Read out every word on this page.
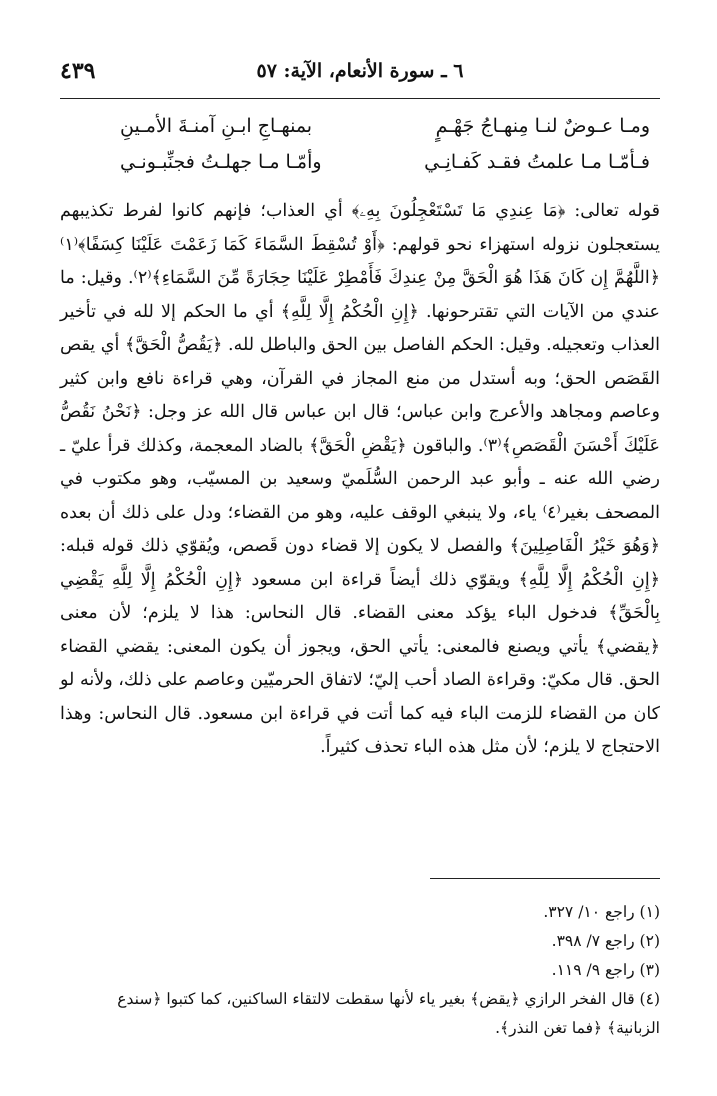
٤٣٩	٦ ـ سورة الأنعام، الآية: ٥٧
ومـا عـوضٌ لنـا مِنهـاجُ جَهْـمٍ
بمنهـاجِ ابـنِ آمنـةَ الأمـينِ
فـأمّـا مـا علمتُ فقـد كَفـانِـي
وأمّـا مـا جهلـتُ فجنِّبـونـي
قوله تعالى: ﴿مَا عِندِي مَا تَسْتَعْجِلُونَ بِهِۦ﴾ أي العذاب؛ فإنهم كانوا لفرط تكذيبهم يستعجلون نزوله استهزاء نحو قولهم: ﴿أَوْ تُسْقِطَ السَّمَاءَ كَمَا زَعَمْتَ عَلَيْنَا كِسَفًا﴾⁽١⁾ ﴿اللَّهُمَّ إِن كَانَ هَذَا هُوَ الْحَقَّ مِنْ عِندِكَ فَأَمْطِرْ عَلَيْنَا حِجَارَةً مِّنَ السَّمَاءِ﴾⁽٢⁾. وقيل: ما عندي من الآيات التي تقترحونها. ﴿إِنِ الْحُكْمُ إِلَّا لِلَّهِ﴾ أي ما الحكم إلا لله في تأخير العذاب وتعجيله. وقيل: الحكم الفاصل بين الحق والباطل لله. ﴿يَقُصُّ الْحَقَّ﴾ أي يقص القَصَص الحق؛ وبه أستدل من منع المجاز في القرآن، وهي قراءة نافع وابن كثير وعاصم ومجاهد والأعرج وابن عباس؛ قال ابن عباس قال الله عز وجل: ﴿نَحْنُ نَقُصُّ عَلَيْكَ أَحْسَنَ الْقَصَصِ﴾⁽٣⁾. والباقون ﴿يَقْضِ الْحَقَّ﴾ بالضاد المعجمة، وكذلك قرأ عليّ ـ رضي الله عنه ـ وأبو عبد الرحمن السُّلَميّ وسعيد بن المسيّب، وهو مكتوب في المصحف بغير⁽٤⁾ ياء، ولا ينبغي الوقف عليه، وهو من القضاء؛ ودل على ذلك أن بعده ﴿وَهُوَ خَيْرُ الْفَاصِلِينَ﴾ والفصل لا يكون إلا قضاء دون قَصص، ويُقوّي ذلك قوله قبله: ﴿إِنِ الْحُكْمُ إِلَّا لِلَّهِ﴾ ويقوّي ذلك أيضاً قراءة ابن مسعود ﴿إِنِ الْحُكْمُ إِلَّا لِلَّهِ يَقْضِي بِالْحَقِّ﴾ فدخول الباء يؤكد معنى القضاء. قال النحاس: هذا لا يلزم؛ لأن معنى ﴿يقضي﴾ يأتي ويصنع فالمعنى: يأتي الحق، ويجوز أن يكون المعنى: يقضي القضاء الحق. قال مكيّ: وقراءة الصاد أحب إليّ؛ لاتفاق الحرميّين وعاصم على ذلك، ولأنه لو كان من القضاء للزمت الباء فيه كما أتت في قراءة ابن مسعود. قال النحاس: وهذا الاحتجاج لا يلزم؛ لأن مثل هذه الباء تحذف كثيراً.
(١) راجع ١٠/ ٣٢٧.
(٢) راجع ٧/ ٣٩٨.
(٣) راجع ٩/ ١١٩.
(٤) قال الفخر الرازي ﴿يقض﴾ بغير ياء لأنها سقطت لالتقاء الساكنين، كما كتبوا ﴿سندع الزبانية﴾ ﴿فما تغن النذر﴾.
